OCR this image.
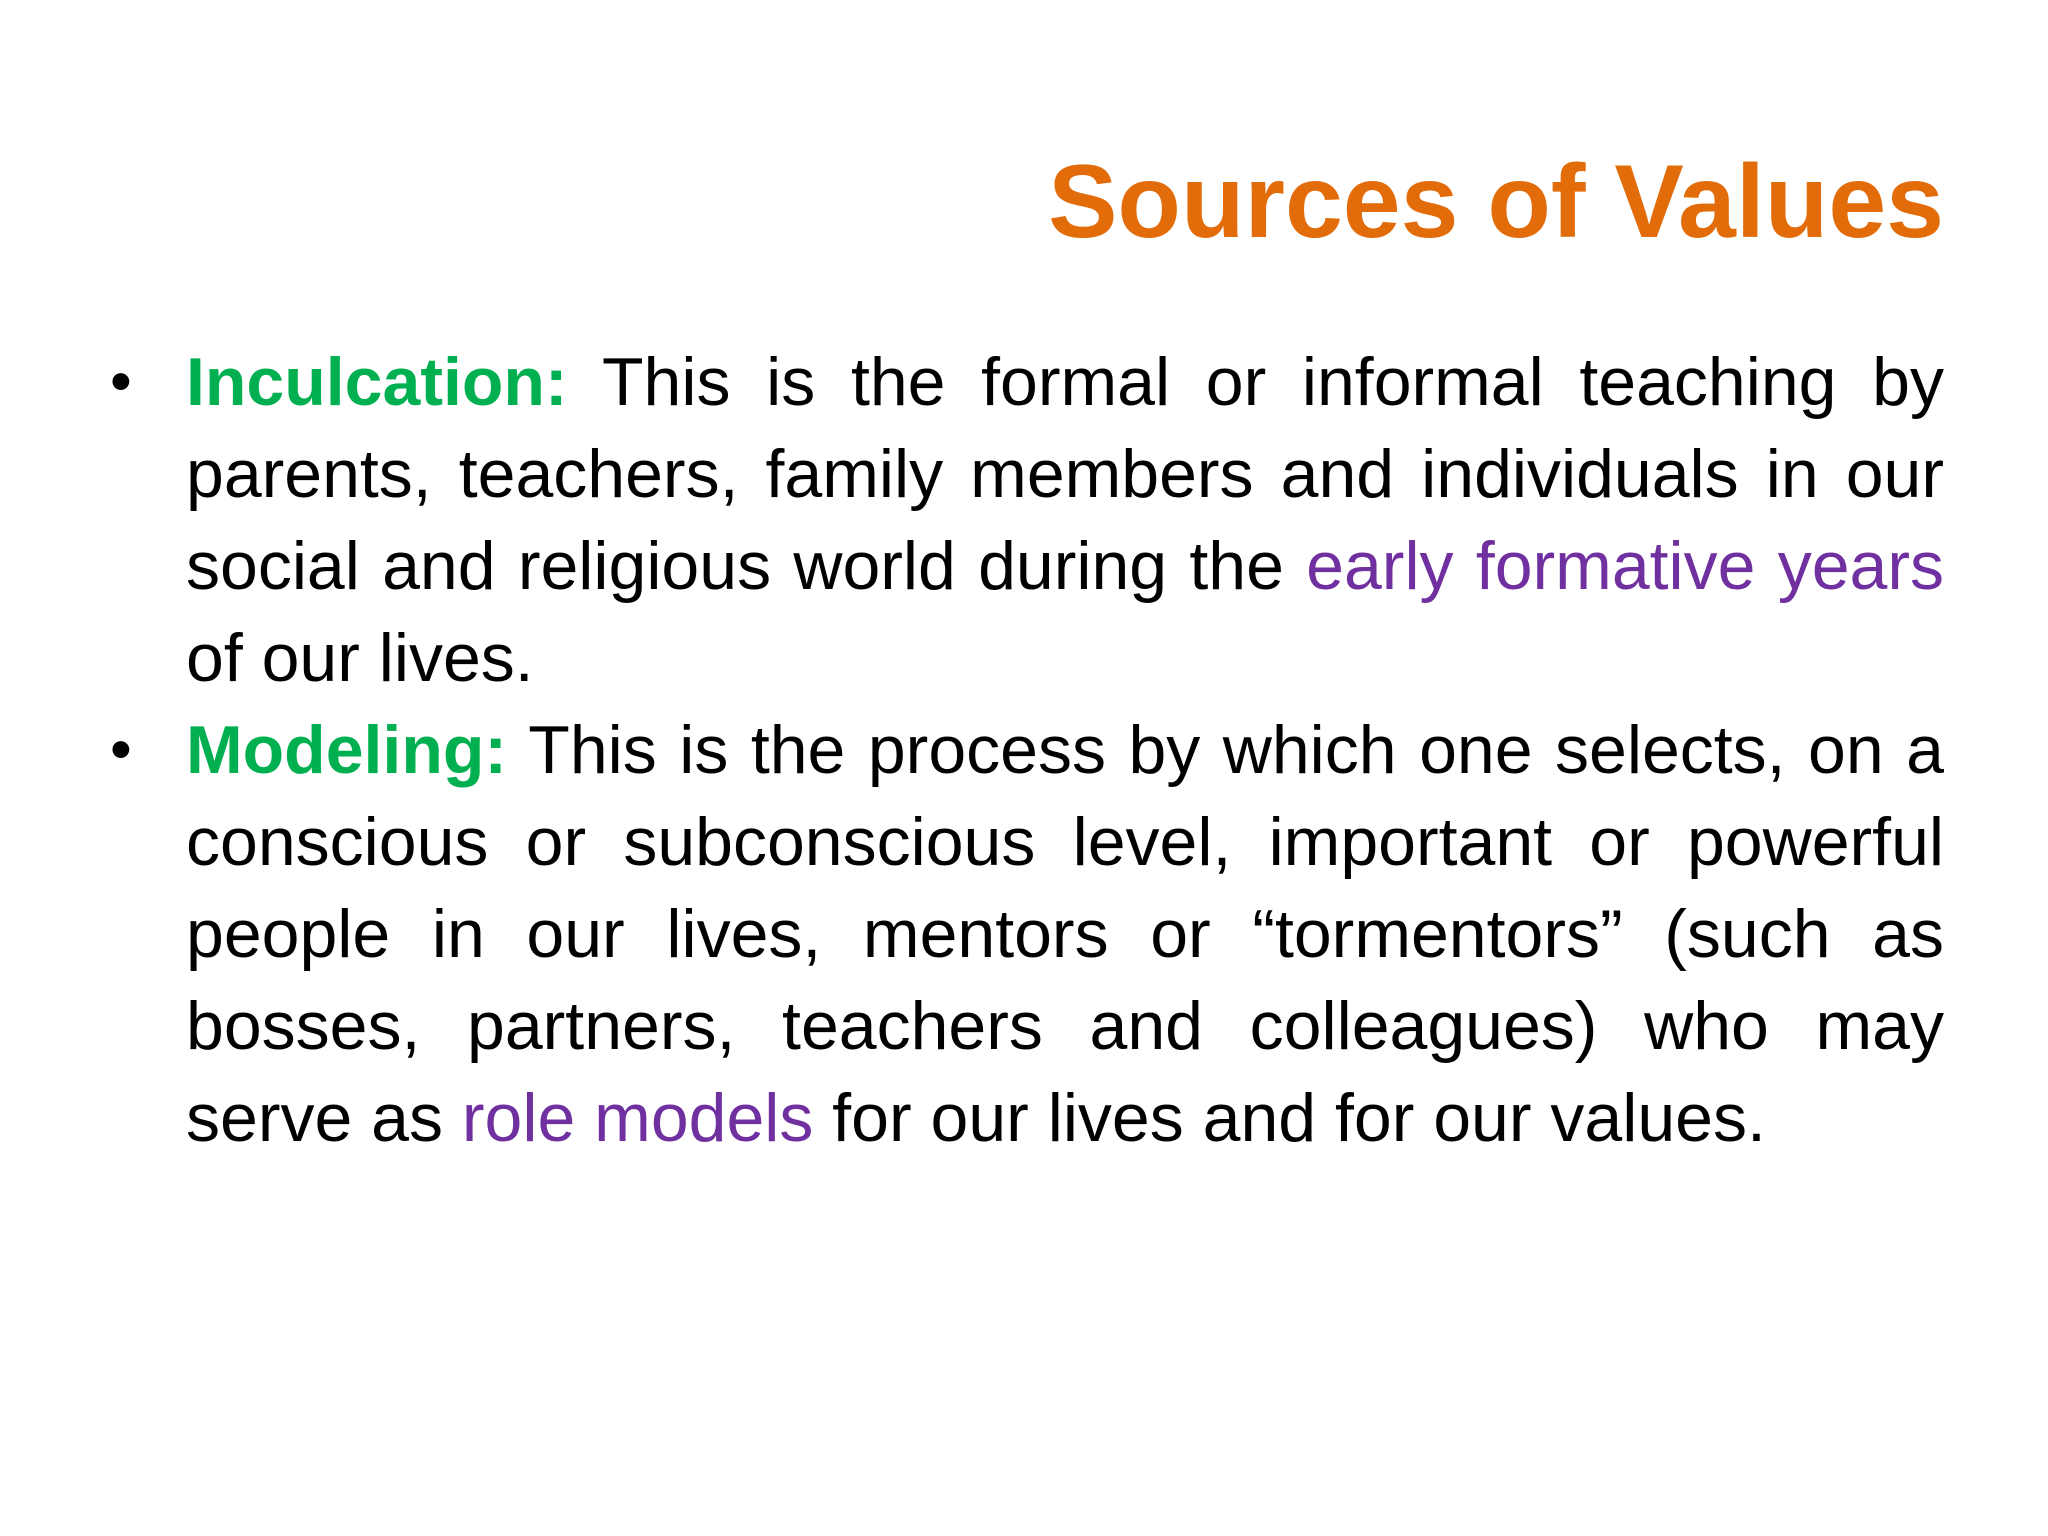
Sources of Values
• Inculcation: This is the formal or informal teaching by parents, teachers, family members and individuals in our social and religious world during the early formative years of our lives.
• Modeling: This is the process by which one selects, on a conscious or subconscious level, important or powerful people in our lives, mentors or “tormentors” (such as bosses, partners, teachers and colleagues) who may serve as role models for our lives and for our values.
